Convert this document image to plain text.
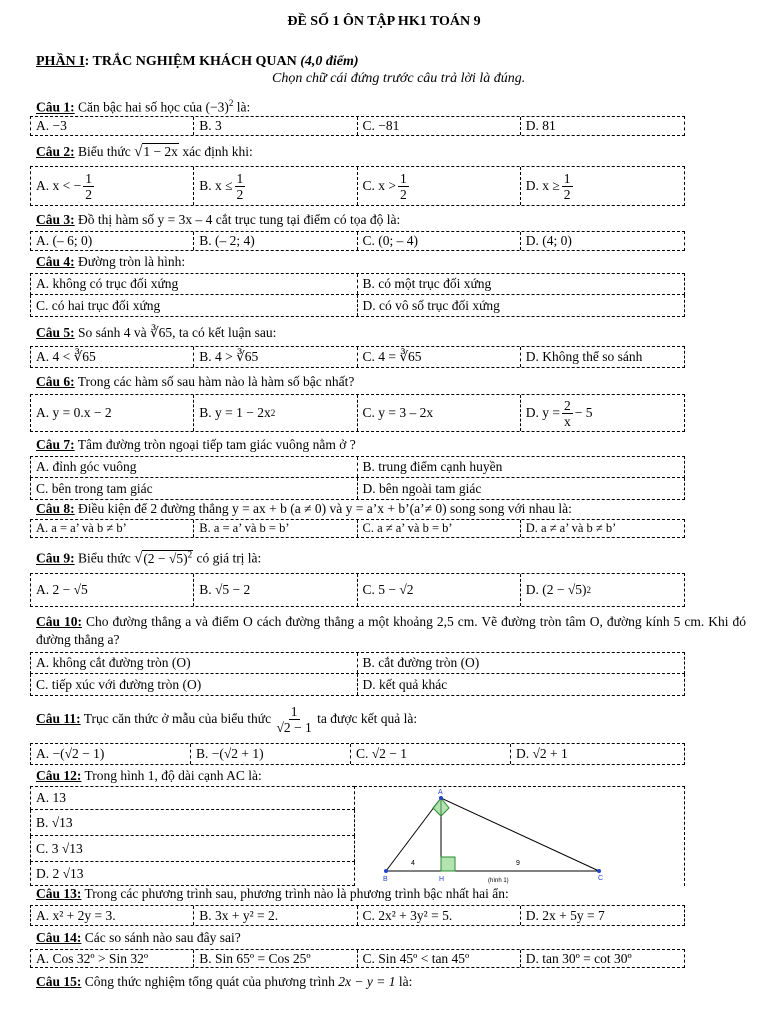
ĐỀ SỐ 1 ÔN TẬP HK1 TOÁN 9
PHẦN I: TRẮC NGHIỆM KHÁCH QUAN (4,0 điểm)
Chọn chữ cái đứng trước câu trả lời là đúng.
Câu 1: Căn bậc hai số học của $(-3)^2$ là:
A. −3	B. 3	C. −81	D. 81
Câu 2: Biểu thức √1 − 2x xác định khi:
A. x < − $\frac{1}{2}$	B. $x \le \frac{1}{2}$	C. $x > \frac{1}{2}$	D. $x \ge \frac{1}{2}$
Câu 3: Đồ thị hàm số y = 3x – 4 cắt trục tung tại điểm có tọa độ là:
A. (– 6; 0)	B. (– 2; 4)	C. (0; – 4)	D. (4; 0)
Câu 4: Đường tròn là hình:
A. không có trục đối xứng	B. có một trục đối xứng
C. có hai trục đối xứng	D. có vô số trục đối xứng
Câu 5: So sánh 4 và ∛65, ta có kết luận sau:
A. 4 < ∛65	B. 4 > ∛65	C. 4 = ∛65	D. Không thể so sánh
Câu 6: Trong các hàm số sau hàm nào là hàm số bậc nhất?
A. y = 0.x − 2	B. y = 1 − 2x 2	C. y = 3 – 2x	D. $y = \frac{2}{x} - 5$
Câu 7: Tâm đường tròn ngoại tiếp tam giác vuông nằm ở ?
A. đỉnh góc vuông	B. trung điểm cạnh huyền
C. bên trong tam giác	D. bên ngoài tam giác
Câu 8: Điều kiện để 2 đường thẳng y = ax + b (a ≠ 0) và y = a’x + b’(a’≠ 0) song song với nhau là:
A. a = a’ và b ≠ b’	B. a = a’ và b = b’	C. a ≠ a’ và b = b’	D. a ≠ a’ và b ≠ b’
Câu 9: Biểu thức $√(2 - √5)^2$ có giá trị là:
A. 2 − √5	B. √5 − 2	C. 5 − √2	D. (2 − √5) 2
Câu 10: Cho đường thẳng a và điểm O cách đường thẳng a một khoảng 2,5 cm. Vẽ đường tròn tâm O, đường kính 5 cm. Khi đó đường thẳng a?
A. không cắt đường tròn (O)	B. cắt đường tròn (O)
C. tiếp xúc với đường tròn (O)	D. kết quả khác
Câu 11: Trục căn thức ở mẫu của biểu thức $\frac{1}{√2 - 1}$ ta được kết quả là:
A. −(√2 − 1)	B. −(√2 + 1)	C. √2 − 1	D. √2 + 1
Câu 12: Trong hình 1, độ dài cạnh AC là:
A. 13
B. √13
C. 3 √13
D. 2 √13
A
B	C
H
4	9
(hình 1)
Câu 13: Trong các phương trình sau, phương trình nào là phương trình bậc nhất hai ẩn:
A. x² + 2y = 3.	B. 3x + y² = 2.	C. 2x² + 3y² = 5.	D. 2x + 5y = 7
Câu 14: Các so sánh nào sau đây sai?
A. Cos 32º > Sin 32º	B. Sin 65º = Cos 25º	C. Sin 45º < tan 45º	D. tan 30º = cot 30º
Câu 15: Công thức nghiệm tổng quát của phương trình 2x − y = 1 là:
